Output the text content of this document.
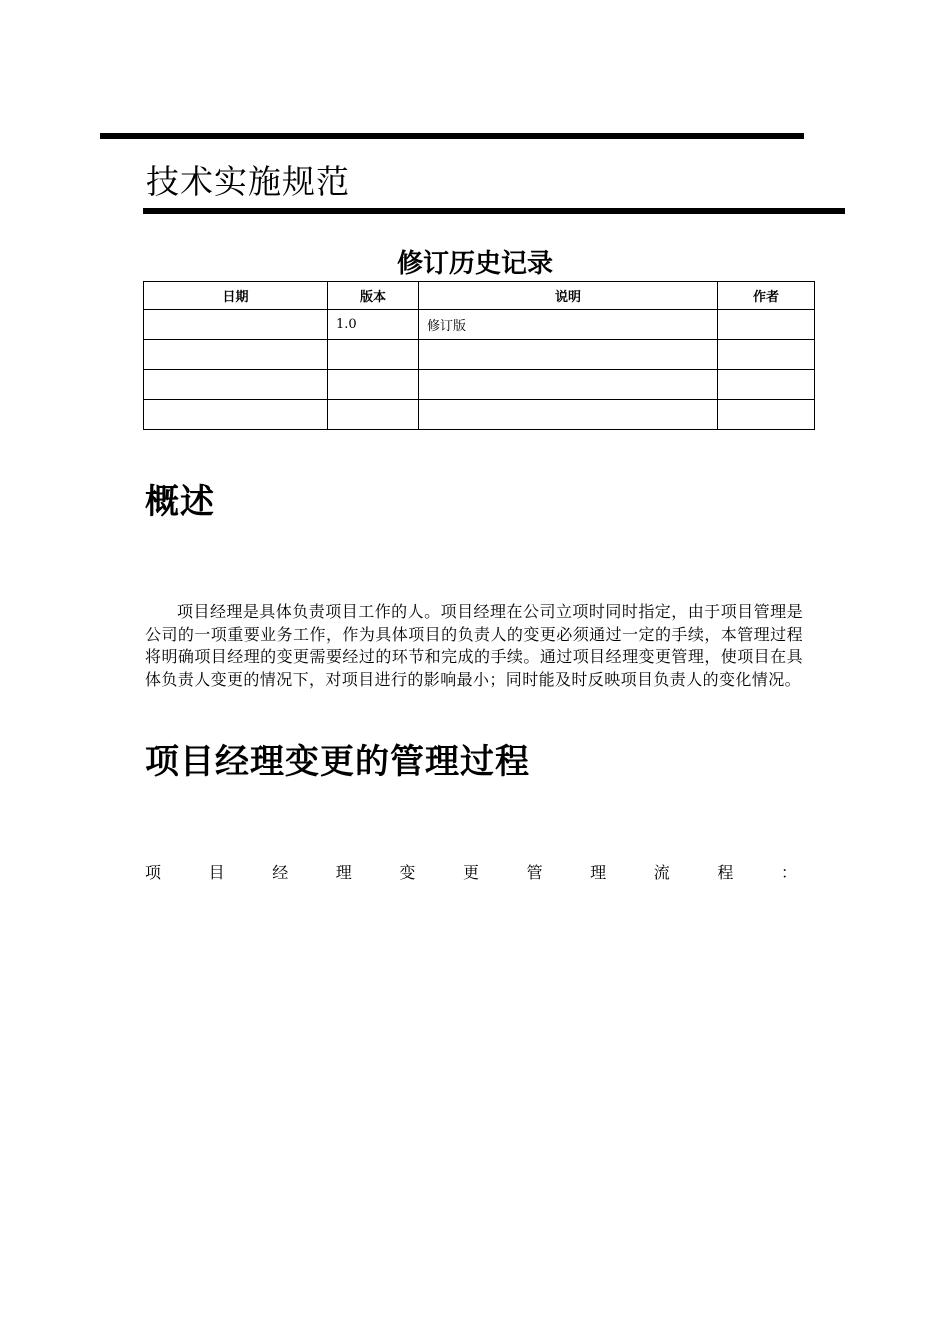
技术实施规范
修订历史记录
日期	版本	说明	作者
	1.0	修订版	

概述
项目经理是具体负责项目工作的人。项目经理在公司立项时同时指定，由于项目管理是公司的一项重要业务工作，作为具体项目的负责人的变更必须通过一定的手续，本管理过程将明确项目经理的变更需要经过的环节和完成的手续。通过项目经理变更管理，使项目在具体负责人变更的情况下，对项目进行的影响最小；同时能及时反映项目负责人的变化情况。
项目经理变更的管理过程
项	目	经	理	变	更	管	理	流	程	：
